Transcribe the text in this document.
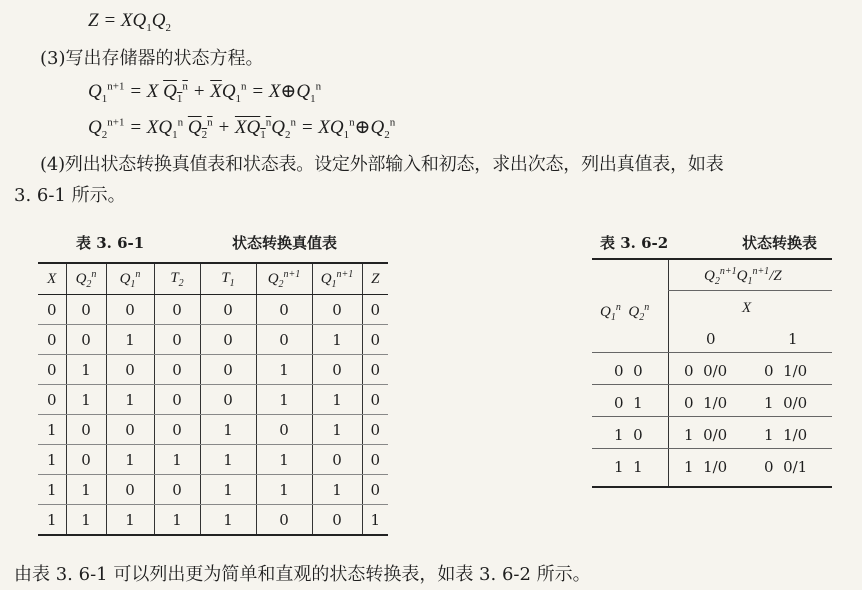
$Z = XQ_1Q_2$
(3)写出存储器的状态方程。
$Q_1^{n+1} = X$ $Q_1^n + \overline{X}Q_1^n$ = $X\oplus Q_1^n$
$Q_2^{n+1} = XQ_1^n$ $Q_2^n + XQ_1^nQ_2^n$ = $XQ_1^n\oplus Q_2^n$
(4)列出状态转换真值表和状态表。设定外部输入和初态，求出次态，列出真值表，如表
3. 6-1 所示。
表 3. 6-1	状态转换真值表
X	$Q_2^n$	$Q_1^n$	$T_2$	$T_1$	$Q_2^{n+1}$	$Q_1^{n+1}$	Z
0	0	0	0	0	0	0	0
0	0	1	0	0	0	1	0
0	1	0	0	0	1	0	0
0	1	1	0	0	1	1	0
1	0	0	0	1	0	1	0
1	0	1	1	1	1	0	0
1	1	0	0	1	1	1	0
1	1	1	1	1	0	0	1
表 3. 6-2	状态转换表
$Q_2^{n+1}Q_1^{n+1}/Z$
X
0	1
$Q_1^n$  $Q_2^n$
0  0	0  0/0 0  1/0
0  1	0  1/0 1  0/0
1  0	1  0/0 1  1/0
1  1	1  1/0 0  0/1
由表 3. 6-1 可以列出更为简单和直观的状态转换表，如表 3. 6-2 所示。
